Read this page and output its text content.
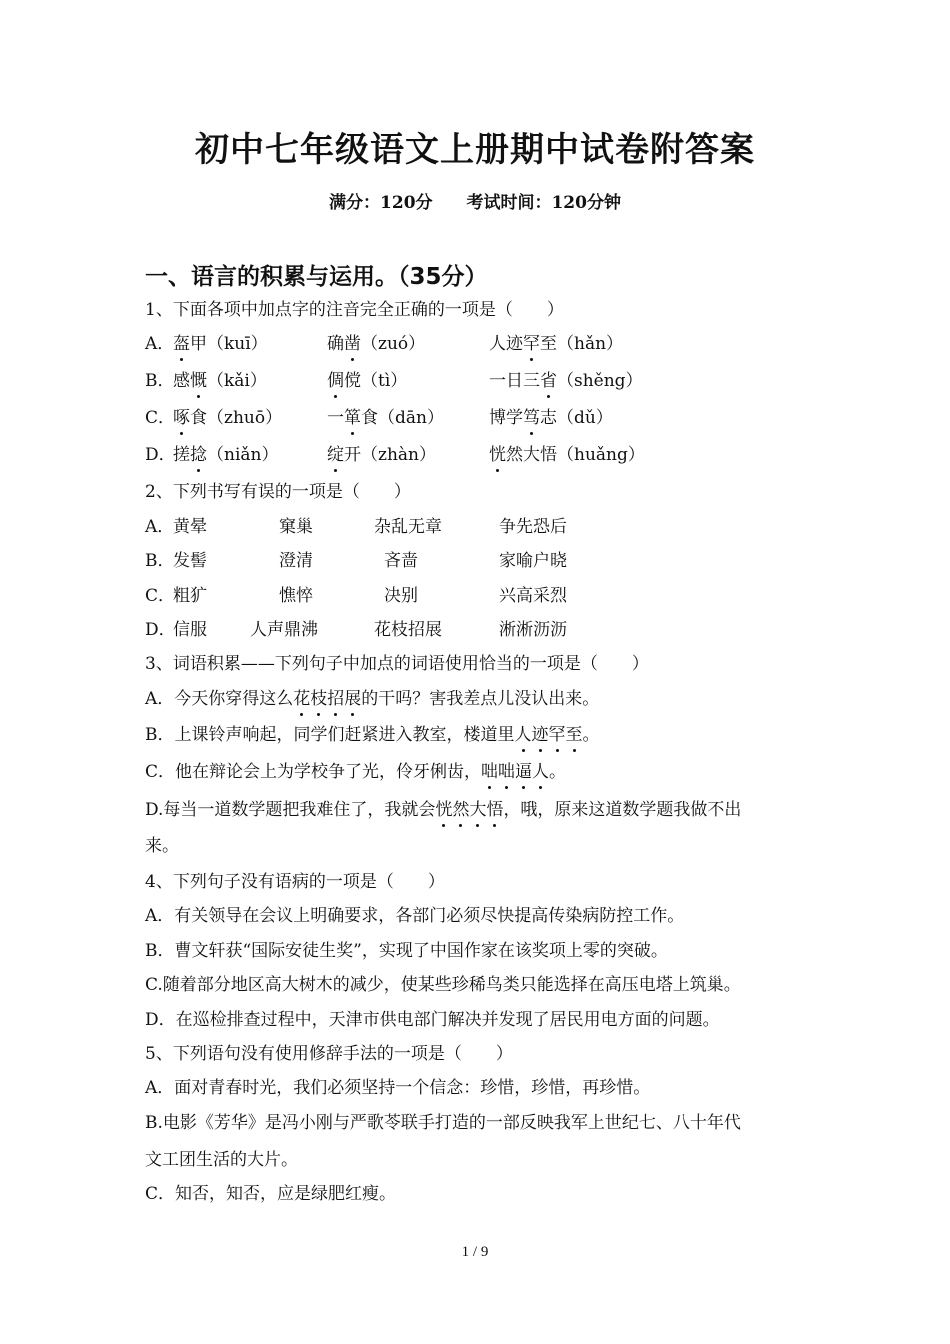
初中七年级语文上册期中试卷附答案
满分：120分 考试时间：120分钟
一、语言的积累与运用。（35分）
1、下面各项中加点字的注音完全正确的一项是（　　）
A．
盔甲（kuī）	确凿（zuó）	人迹罕至（hǎn）
B．
感慨（kǎi）	倜傥（tì）	一日三省（shěng）
C．
啄食（zhuō）	一箪食（dān）	博学笃志（dǔ）
D．
搓捻（niǎn）	绽开（zhàn）	恍然大悟（huǎng）
2、下列书写有误的一项是（　　）
A．
黄晕	窠巢	杂乱无章	争先恐后
B．
发髻	澄清	吝啬	家喻户晓
C．
粗犷	憔悴	决别	兴高采烈
D．
信服	人声鼎沸	花枝招展	淅淅沥沥
3、词语积累——下列句子中加点的词语使用恰当的一项是（　　）
A．今天你穿得这么花枝招展的干吗？害我差点儿没认出来。
B．上课铃声响起，同学们赶紧进入教室，楼道里人迹罕至。
C．他在辩论会上为学校争了光，伶牙俐齿，咄咄逼人。
D.每当一道数学题把我难住了，我就会恍然大悟，哦，原来这道数学题我做不出
来。
4、下列句子没有语病的一项是（　　）
A．有关领导在会议上明确要求，各部门必须尽快提高传染病防控工作。
B．曹文轩获“国际安徒生奖”，实现了中国作家在该奖项上零的突破。
C.随着部分地区高大树木的减少，使某些珍稀鸟类只能选择在高压电塔上筑巢。
D．在巡检排查过程中，天津市供电部门解决并发现了居民用电方面的问题。
5、下列语句没有使用修辞手法的一项是（　　）
A．面对青春时光，我们必须坚持一个信念：珍惜，珍惜，再珍惜。
B.电影《芳华》是冯小刚与严歌苓联手打造的一部反映我军上世纪七、八十年代
文工团生活的大片。
C．知否，知否，应是绿肥红瘦。
1 / 9
